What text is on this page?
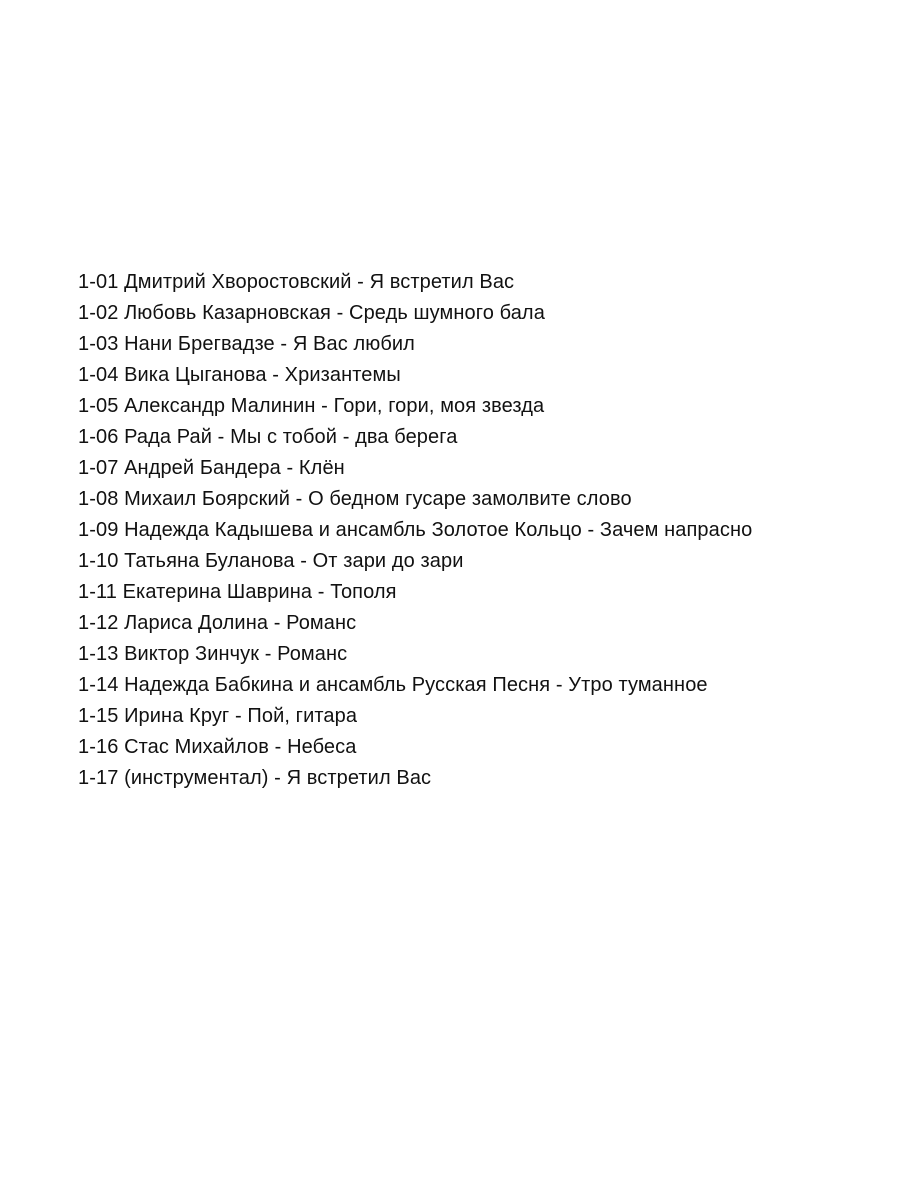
1-01 Дмитрий Хворостовский - Я встретил Вас
1-02 Любовь Казарновская - Средь шумного бала
1-03 Нани Брегвадзе - Я Вас любил
1-04 Вика Цыганова - Хризантемы
1-05 Александр Малинин - Гори, гори, моя звезда
1-06 Рада Рай - Мы с тобой - два берега
1-07 Андрей Бандера - Клён
1-08 Михаил Боярский - О бедном гусаре замолвите слово
1-09 Надежда Кадышева и ансамбль Золотое Кольцо - Зачем напрасно
1-10 Татьяна Буланова - От зари до зари
1-11 Екатерина Шаврина - Тополя
1-12 Лариса Долина - Романс
1-13 Виктор Зинчук - Романс
1-14 Надежда Бабкина и ансамбль Русская Песня - Утро туманное
1-15 Ирина Круг - Пой, гитара
1-16 Стас Михайлов - Небеса
1-17 (инструментал) - Я встретил Вас
